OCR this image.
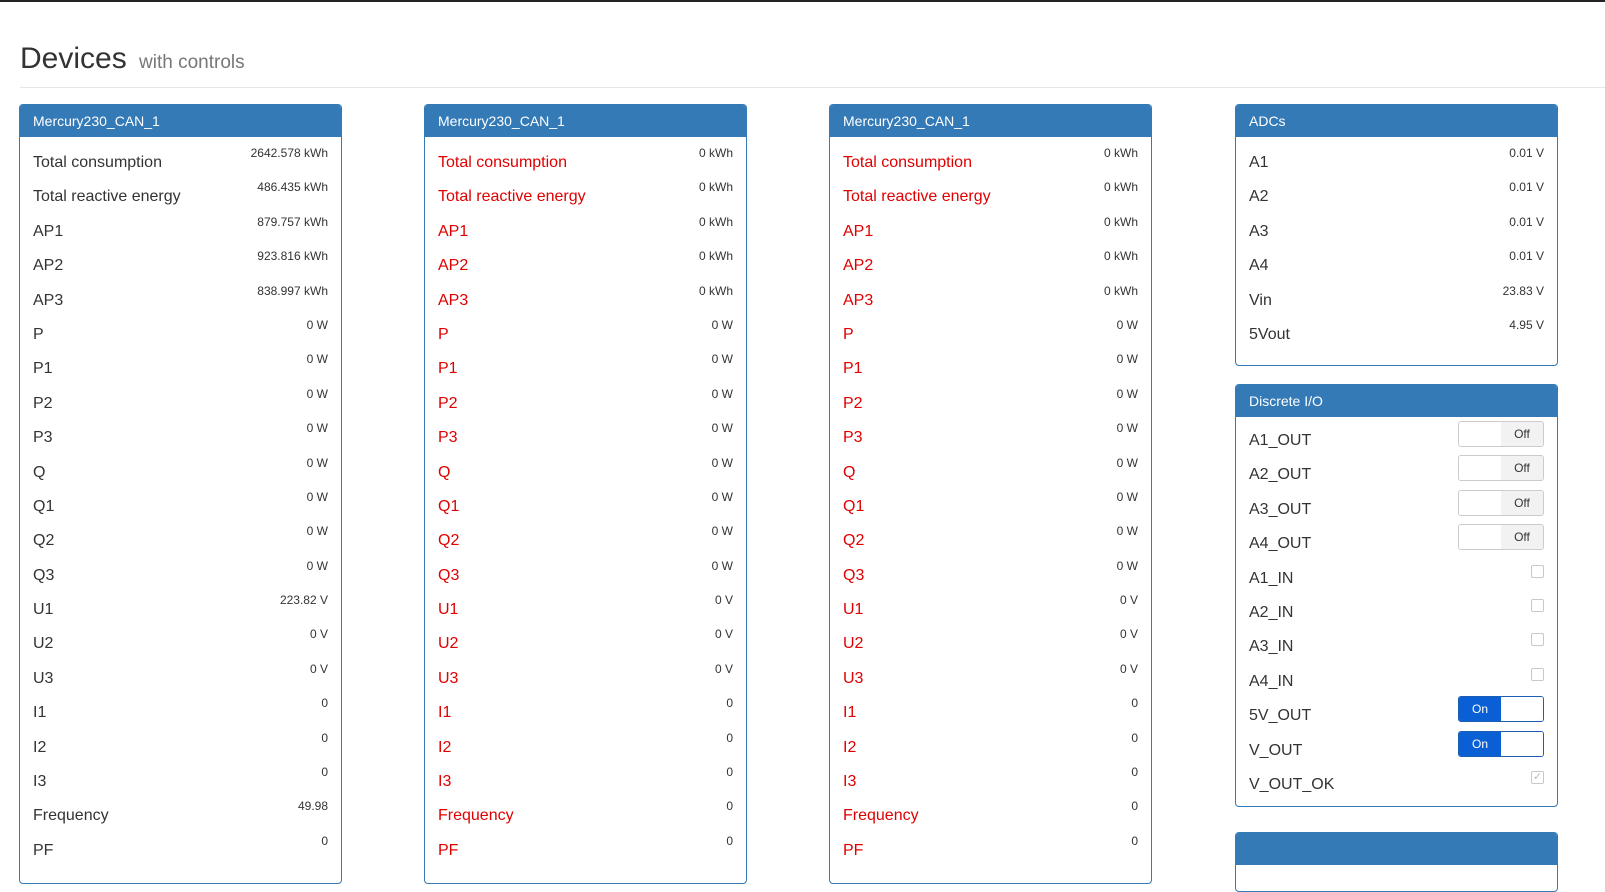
Devices with controls
Mercury230_CAN_1
Total consumption
2642.578 kWh
Total reactive energy
486.435 kWh
AP1
879.757 kWh
AP2
923.816 kWh
AP3
838.997 kWh
P
0 W
P1
0 W
P2
0 W
P3
0 W
Q
0 W
Q1
0 W
Q2
0 W
Q3
0 W
U1
223.82 V
U2
0 V
U3
0 V
I1
0
I2
0
I3
0
Frequency
49.98
PF
0
Mercury230_CAN_1
Total consumption
0 kWh
Total reactive energy
0 kWh
AP1
0 kWh
AP2
0 kWh
AP3
0 kWh
P
0 W
P1
0 W
P2
0 W
P3
0 W
Q
0 W
Q1
0 W
Q2
0 W
Q3
0 W
U1
0 V
U2
0 V
U3
0 V
I1
0
I2
0
I3
0
Frequency
0
PF
0
Mercury230_CAN_1
Total consumption
0 kWh
Total reactive energy
0 kWh
AP1
0 kWh
AP2
0 kWh
AP3
0 kWh
P
0 W
P1
0 W
P2
0 W
P3
0 W
Q
0 W
Q1
0 W
Q2
0 W
Q3
0 W
U1
0 V
U2
0 V
U3
0 V
I1
0
I2
0
I3
0
Frequency
0
PF
0
ADCs
A1
0.01 V
A2
0.01 V
A3
0.01 V
A4
0.01 V
Vin
23.83 V
5Vout
4.95 V
Discrete I/O
A1_OUT	Off
A2_OUT	Off
A3_OUT	Off
A4_OUT	Off
A1_IN
A2_IN
A3_IN
A4_IN
5V_OUT	On
V_OUT	On
V_OUT_OK	✓
